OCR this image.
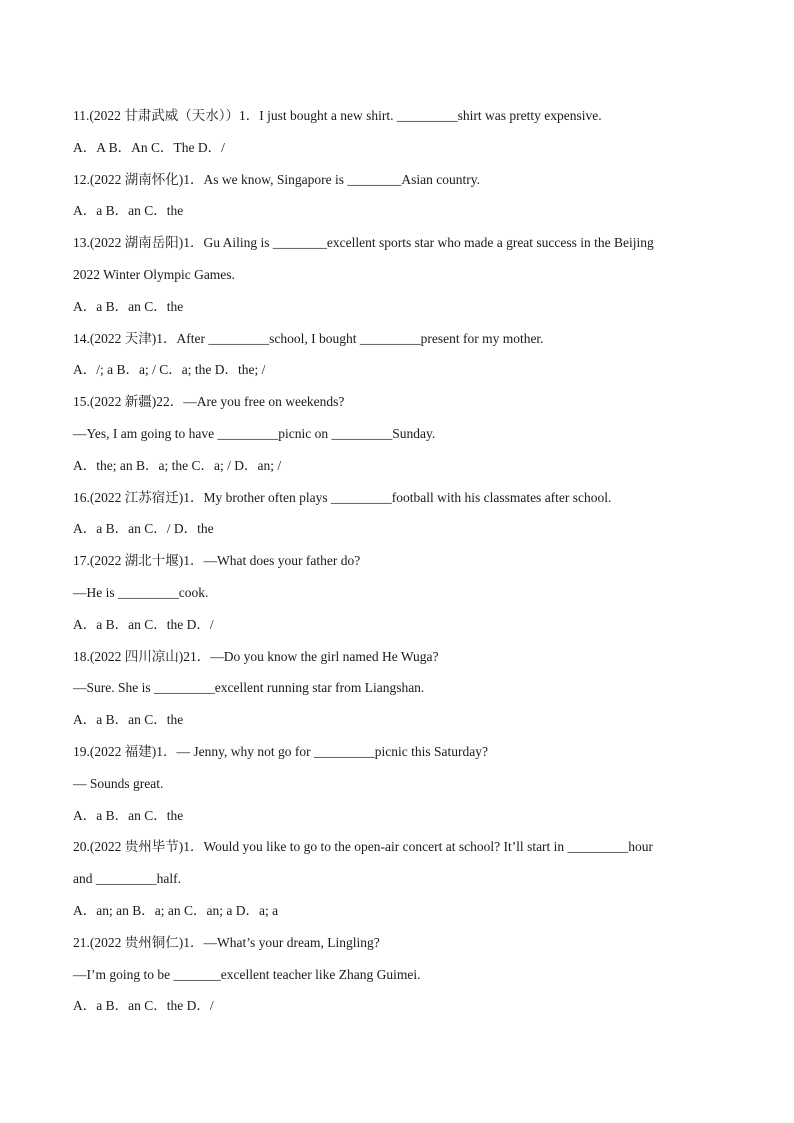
11.(2022 甘肃武威（天水））1．I just bought a new shirt. _________shirt was pretty expensive.
A．A B．An C．The D．/
12.(2022 湖南怀化)1．As we know, Singapore is ________Asian country.
A．a B．an C．the
13.(2022 湖南岳阳)1．Gu Ailing is ________excellent sports star who made a great success in the Beijing
2022 Winter Olympic Games.
A．a B．an C．the
14.(2022 天津)1．After _________school, I bought _________present for my mother.
A．/; a B．a; / C．a; the D．the; /
15.(2022 新疆)22．—Are you free on weekends?
—Yes, I am going to have _________picnic on _________Sunday.
A．the; an B．a; the C．a; / D．an; /
16.(2022 江苏宿迁)1．My brother often plays _________football with his classmates after school.
A．a B．an C．/ D．the
17.(2022 湖北十堰)1．—What does your father do?
—He is _________cook.
A．a B．an C．the D．/
18.(2022 四川凉山)21．—Do you know the girl named He Wuga?
—Sure. She is _________excellent running star from Liangshan.
A．a B．an C．the
19.(2022 福建)1．— Jenny, why not go for _________picnic this Saturday?
— Sounds great.
A．a B．an C．the
20.(2022 贵州毕节)1．Would you like to go to the open-air concert at school? It’ll start in _________hour
and _________half.
A．an; an B．a; an C．an; a D．a; a
21.(2022 贵州铜仁)1．—What’s your dream, Lingling?
—I’m going to be _______excellent teacher like Zhang Guimei.
A．a B．an C．the D．/
